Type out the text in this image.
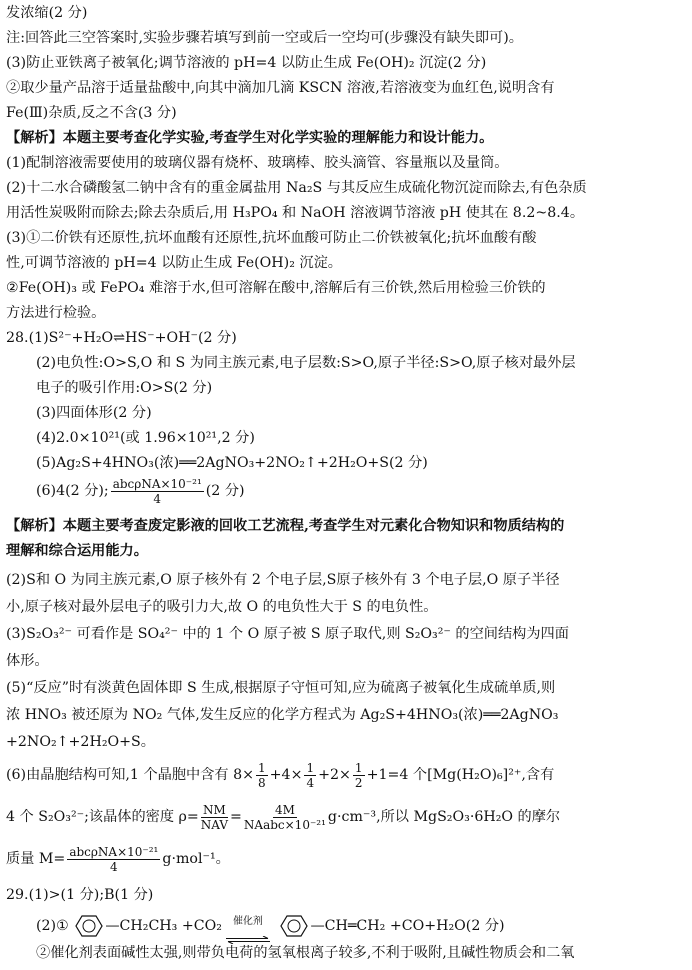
发浓缩(2 分)
注:回答此三空答案时,实验步骤若填写到前一空或后一空均可(步骤没有缺失即可)。
(3)防止亚铁离子被氧化;调节溶液的 pH=4 以防止生成 Fe(OH)₂ 沉淀(2 分)
②取少量产品溶于适量盐酸中,向其中滴加几滴 KSCN 溶液,若溶液变为血红色,说明含有
Fe(Ⅲ)杂质,反之不含(3 分)
【解析】本题主要考查化学实验,考查学生对化学实验的理解能力和设计能力。
(1)配制溶液需要使用的玻璃仪器有烧杯、玻璃棒、胶头滴管、容量瓶以及量筒。
(2)十二水合磷酸氢二钠中含有的重金属盐用 Na₂S 与其反应生成硫化物沉淀而除去,有色杂质
用活性炭吸附而除去;除去杂质后,用 H₃PO₄ 和 NaOH 溶液调节溶液 pH 使其在 8.2~8.4。
(3)①二价铁有还原性,抗坏血酸有还原性,抗坏血酸可防止二价铁被氧化;抗坏血酸有酸
性,可调节溶液的 pH=4 以防止生成 Fe(OH)₂ 沉淀。
②Fe(OH)₃ 或 FePO₄ 难溶于水,但可溶解在酸中,溶解后有三价铁,然后用检验三价铁的
方法进行检验。
28.(1)S²⁻+H₂O⇌HS⁻+OH⁻(2 分)
(2)电负性:O>S,O 和 S 为同主族元素,电子层数:S>O,原子半径:S>O,原子核对最外层
电子的吸引作用:O>S(2 分)
(3)四面体形(2 分)
(4)2.0×10²¹(或 1.96×10²¹,2 分)
(5)Ag₂S+4HNO₃(浓)══2AgNO₃+2NO₂↑+2H₂O+S(2 分)
(6)4(2 分); $\frac{\text{abcρNA×10⁻²¹}}{4} (2$ 分)
【解析】本题主要考查废定影液的回收工艺流程,考查学生对元素化合物知识和物质结构的
理解和综合运用能力。
(2)S和 O 为同主族元素,O 原子核外有 2 个电子层,S原子核外有 3 个电子层,O 原子半径
小,原子核对最外层电子的吸引力大,故 O 的电负性大于 S 的电负性。
(3)S₂O₃²⁻ 可看作是 SO₄²⁻ 中的 1 个 O 原子被 S 原子取代,则 S₂O₃²⁻ 的空间结构为四面
体形。
(5)“反应”时有淡黄色固体即 S 生成,根据原子守恒可知,应为硫离子被氧化生成硫单质,则
浓 HNO₃ 被还原为 NO₂ 气体,发生反应的化学方程式为 Ag₂S+4HNO₃(浓)══2AgNO₃
+2NO₂↑+2H₂O+S。
(6)由晶胞结构可知,1 个晶胞中含有 $8\times \frac{1}{8} +4\times \frac{1}{4} +2\times \frac{1}{2} +1=4$ 个[Mg(H₂O)₆]²⁺,含有
4 个 S₂O₃²⁻;该晶体的密度 $\rho= \frac{NM}{\text{NAV}} = \frac{4M}{\text{NAabc×10⁻²¹}} g\cdot cm^{-3}$,所以 MgS₂O₃·6H₂O 的摩尔
质量 $M= \frac{\text{abcρNA×10⁻²¹}}{4} g\cdot mol^{-1}$。
29.(1)>(1 分);B(1 分)
(2)①	—CH₂CH₃ +CO₂ 催化剂	—CH═CH₂ +CO+H₂O(2 分)
②催化剂表面碱性太强,则带负电荷的氢氧根离子较多,不利于吸附,且碱性物质会和二氧
